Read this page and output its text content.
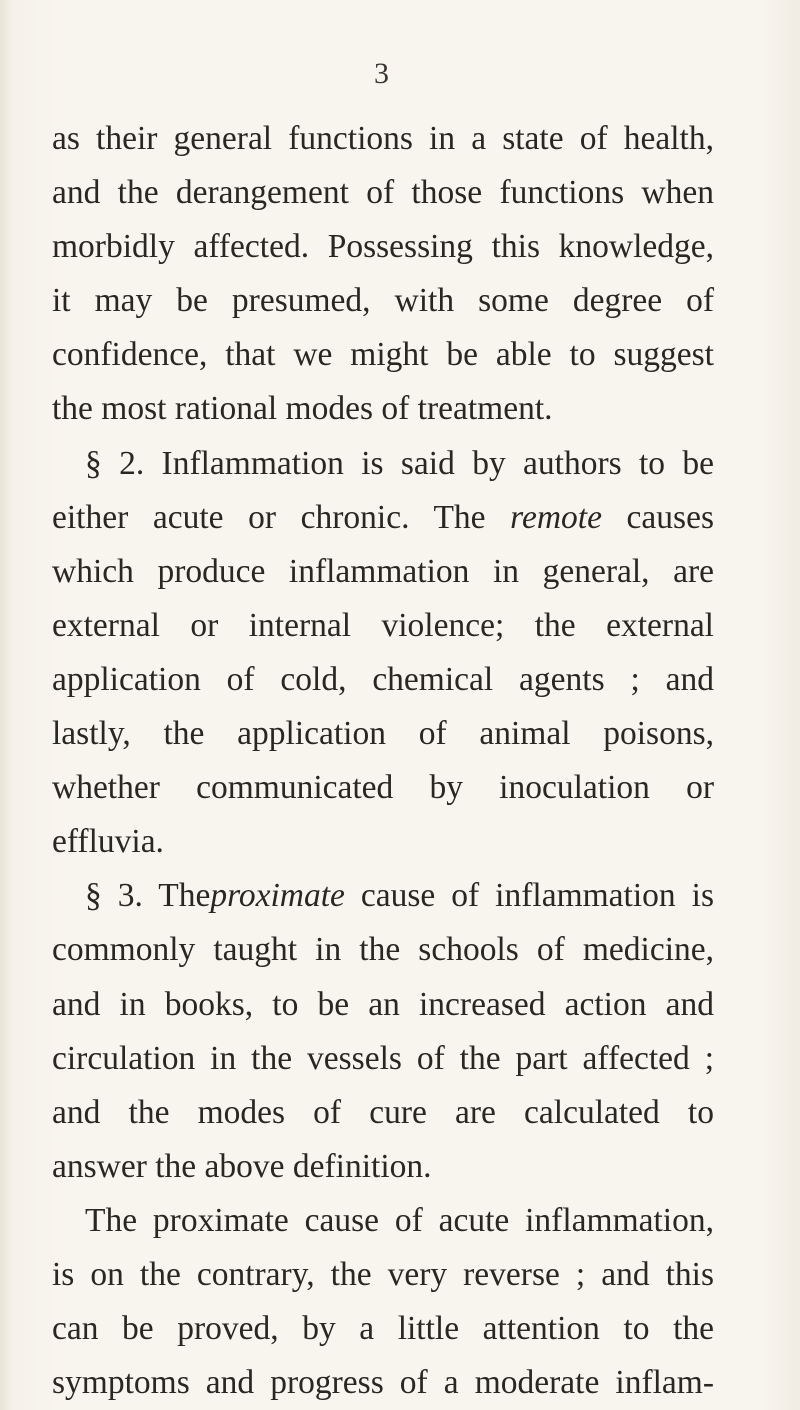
3
as their general functions in a state of health,
and the derangement of those functions when
morbidly affected. Possessing this knowledge,
it may be presumed, with some degree of
confidence, that we might be able to suggest
the most rational modes of treatment.
§ 2. Inflammation is said by authors to be
either acute or chronic. The remote causes
which produce inflammation in general, are
external or internal violence; the external
application of cold, chemical agents ; and
lastly, the application of animal poisons,
whether communicated by inoculation or
effluvia.
§ 3. Theproximate cause of inflammation is
commonly taught in the schools of medicine,
and in books, to be an increased action and
circulation in the vessels of the part affected ;
and the modes of cure are calculated to
answer the above definition.
The proximate cause of acute inflammation,
is on the contrary, the very reverse ; and this
can be proved, by a little attention to the
symptoms and progress of a moderate inflam-
